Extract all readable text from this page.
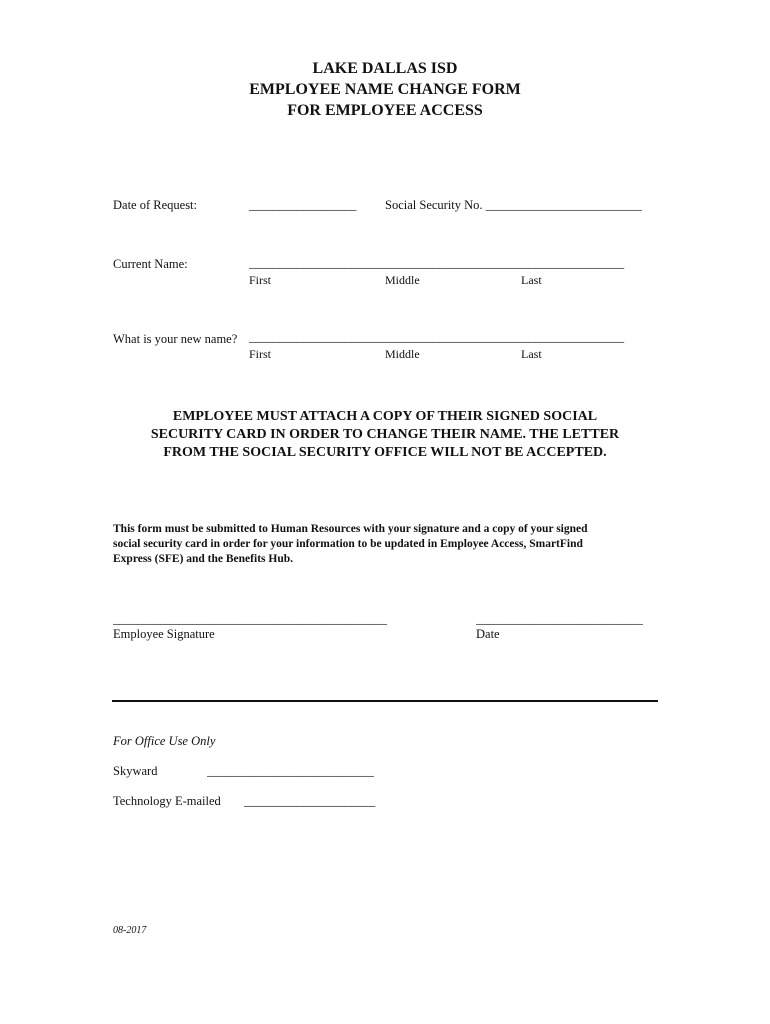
LAKE DALLAS ISD
EMPLOYEE NAME CHANGE FORM
FOR EMPLOYEE ACCESS
Date of Request:	__________________ Social Security No. _________________________
Current Name:	_______________________________________________________________
First	Middle	Last
What is your new name? _______________________________________________________________
First	Middle	Last
EMPLOYEE MUST ATTACH A COPY OF THEIR SIGNED SOCIAL
SECURITY CARD IN ORDER TO CHANGE THEIR NAME. THE LETTER
FROM THE SOCIAL SECURITY OFFICE WILL NOT BE ACCEPTED.
This form must be submitted to Human Resources with your signature and a copy of your signed
social security card in order for your information to be updated in Employee Access, SmartFind
Express (SFE) and the Benefits Hub.
______________________________________________
Employee Signature
____________________________
Date
For Office Use Only
Skyward	____________________________
Technology E-mailed ______________________
08-2017
